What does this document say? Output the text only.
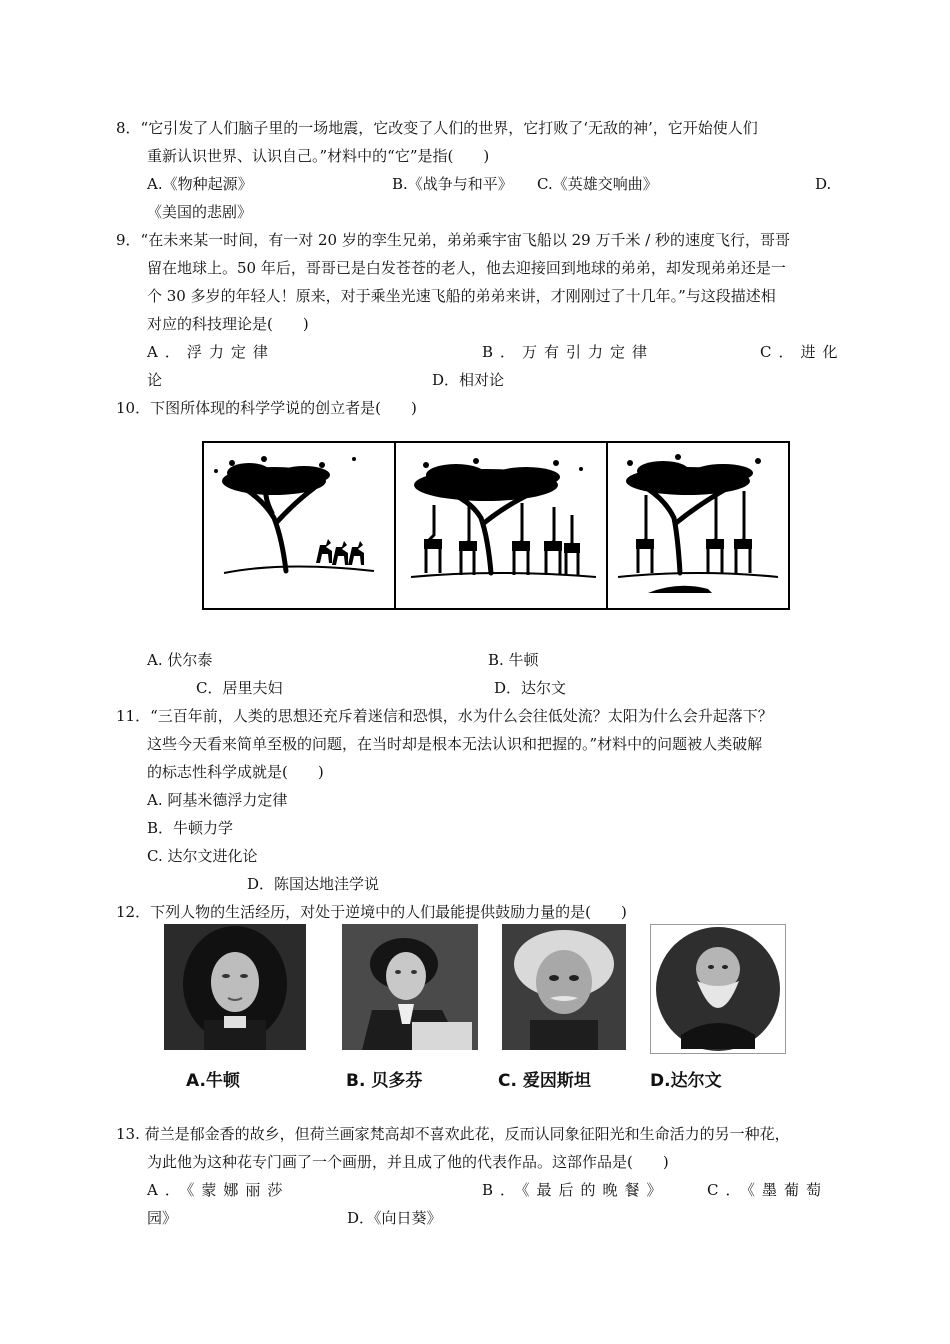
8．“它引发了人们脑子里的一场地震，它改变了人们的世界，它打败了‘无敌的神’，它开始使人们
重新认识世界、认识自己。”材料中的“它”是指(　　)
A.《物种起源》	B.《战争与和平》 C.《英雄交响曲》	D.
《美国的悲剧》
9．“在未来某一时间，有一对 20 岁的孪生兄弟，弟弟乘宇宙飞船以 29 万千米 / 秒的速度飞行，哥哥
留在地球上。50 年后，哥哥已是白发苍苍的老人，他去迎接回到地球的弟弟，却发现弟弟还是一
个 30 多岁的年轻人！原来，对于乘坐光速飞船的弟弟来讲，才刚刚过了十几年。”与这段描述相
对应的科技理论是(　　)
A．浮力定律	B．万有引力定律	C．进化
论	D．相对论
10．下图所体现的科学学说的创立者是(　　)
A. 伏尔泰	B. 牛顿
C．居里夫妇	D．达尔文
11．“三百年前，人类的思想还充斥着迷信和恐惧，水为什么会往低处流？太阳为什么会升起落下？
这些今天看来简单至极的问题，在当时却是根本无法认识和把握的。”材料中的问题被人类破解
的标志性科学成就是(　　)
A. 阿基米德浮力定律
B．牛顿力学
C. 达尔文进化论
D．陈国达地洼学说
12．下列人物的生活经历，对处于逆境中的人们最能提供鼓励力量的是(　　)
A.牛顿	B. 贝多芬	C. 爱因斯坦	D.达尔文
13. 荷兰是郁金香的故乡，但荷兰画家梵高却不喜欢此花，反而认同象征阳光和生命活力的另一种花，
为此他为这种花专门画了一个画册，并且成了他的代表作品。这部作品是(　　)
A．《蒙娜丽莎	B．《最后的晚餐》	C．《墨葡萄
园》	D．《向日葵》
